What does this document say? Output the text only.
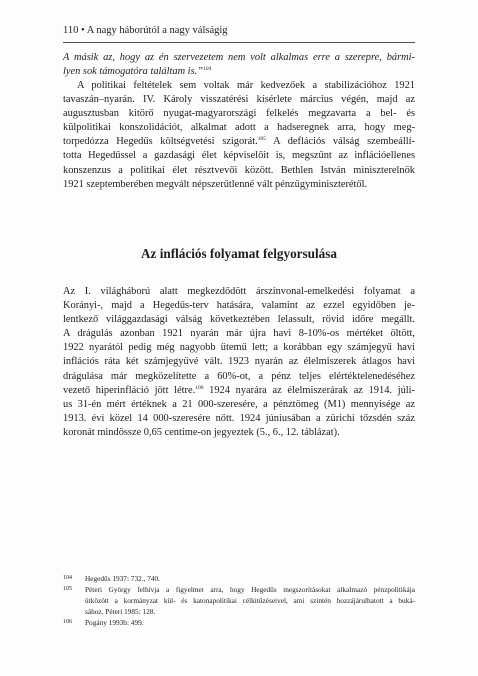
110 • A nagy háborútól a nagy válságig

A másik az, hogy az én szervezetem nem volt alkalmas erre a szerepre, bármi-

lyen sok támogatóra találtam is.”$^{104}$

A politikai feltételek sem voltak már kedvezőek a stabilizációhoz 1921

tavaszán–nyarán. IV. Károly visszatérési kísérlete március végén, majd az

augusztusban kitörő nyugat-magyarországi felkelés megzavarta a bel- és

külpolitikai konszolidációt, alkalmat adott a hadseregnek arra, hogy meg-

torpedózza Hegedűs költségvetési szigorát.$^{105}$ A deflációs válság szembeállí-

totta Hegedűssel a gazdasági élet képviselőit is, megszűnt az inflációellenes

konszenzus a politikai élet résztvevői között. Bethlen István miniszterelnök

1921 szeptemberében megvált népszerűtlenné vált pénzügyminiszterétől.

Az inflációs folyamat felgyorsulása

Az I. világháború alatt megkezdődött árszínvonal-emelkedési folyamat a

Korányi-, majd a Hegedűs-terv hatására, valamint az ezzel egyidőben je-

lentkező világgazdasági válság következtében lelassult, rövid időre megállt.

A drágulás azonban 1921 nyarán már újra havi 8-10%-os mértéket öltött,

1922 nyarától pedig még nagyobb ütemű lett; a korábban egy számjegyű havi

inflációs ráta két számjegyűvé vált. 1923 nyarán az élelmiszerek átlagos havi

drágulása már megközelítette a 60%-ot, a pénz teljes elértéktelenedéséhez

vezető hiperinfláció jött létre.$^{106}$ 1924 nyarára az élelmiszerárak az 1914. júli-

us 31-én mért értéknek a 21 000-szeresére, a pénztömeg (M1) mennyisége az

1913. évi közel 14 000-szeresére nőtt. 1924 júniusában a zürichi tőzsdén száz

koronát mindössze 0,65 centime-on jegyeztek (5., 6., 12. táblázat).

104 Hegedűs 1937: 732., 740.
105 Péteri György felhívja a figyelmet arra, hogy Hegedűs megszorításokat alkalmazó pénzpolitikája
ütközött a kormányzat kül- és katonapolitikai célkitűzéseivel, ami szintén hozzájárulhatott a buká-
sához. Péteri 1985: 128.
106 Pogány 1993b: 499.
